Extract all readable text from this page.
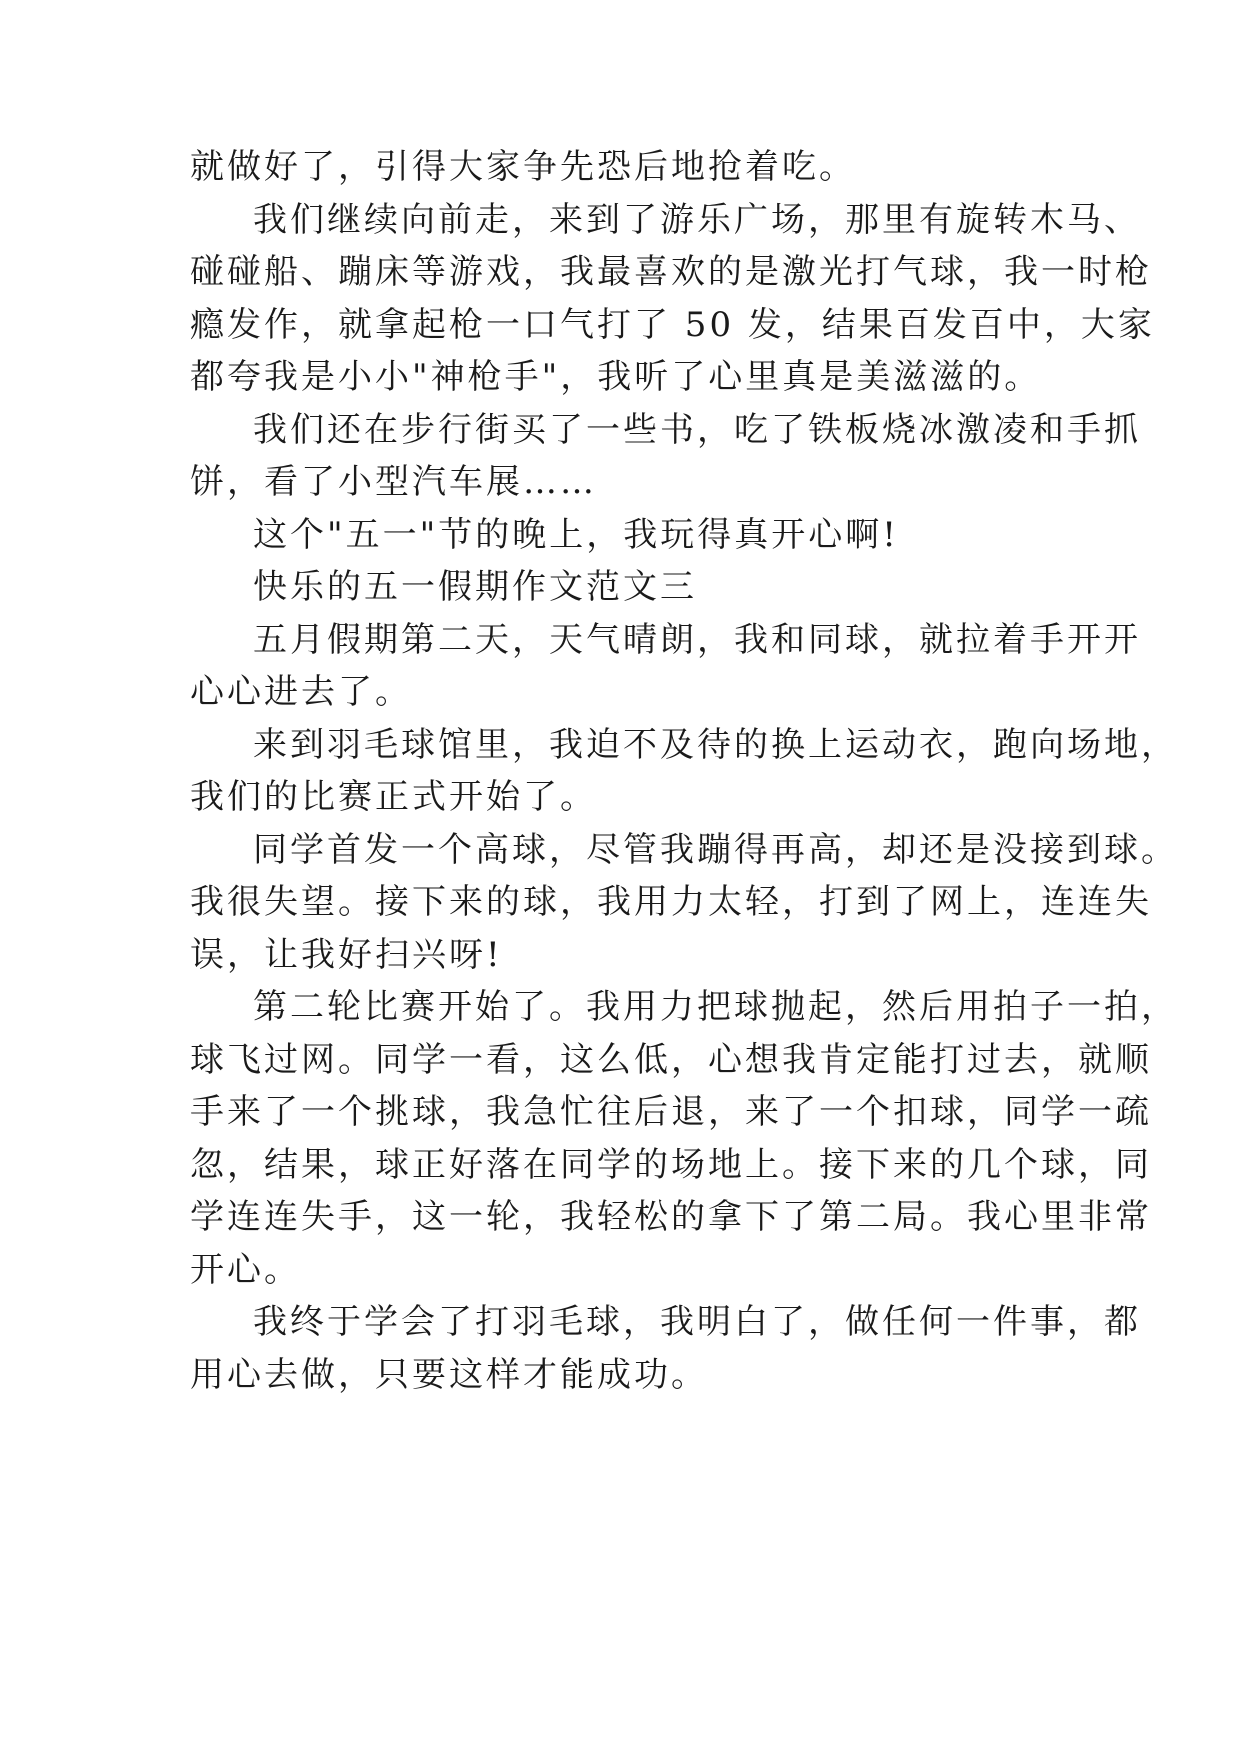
就做好了，引得大家争先恐后地抢着吃。
我们继续向前走，来到了游乐广场，那里有旋转木马、
碰碰船、蹦床等游戏，我最喜欢的是激光打气球，我一时枪
瘾发作，就拿起枪一口气打了 50 发，结果百发百中，大家
都夸我是小小"神枪手"，我听了心里真是美滋滋的。
我们还在步行街买了一些书，吃了铁板烧冰激凌和手抓
饼，看了小型汽车展……
这个"五一"节的晚上，我玩得真开心啊!
快乐的五一假期作文范文三
五月假期第二天，天气晴朗，我和同球，就拉着手开开
心心进去了。
来到羽毛球馆里，我迫不及待的换上运动衣，跑向场地，
我们的比赛正式开始了。
同学首发一个高球，尽管我蹦得再高，却还是没接到球。
我很失望。接下来的球，我用力太轻，打到了网上，连连失
误，让我好扫兴呀!
第二轮比赛开始了。我用力把球抛起，然后用拍子一拍，
球飞过网。同学一看，这么低，心想我肯定能打过去，就顺
手来了一个挑球，我急忙往后退，来了一个扣球，同学一疏
忽，结果，球正好落在同学的场地上。接下来的几个球，同
学连连失手，这一轮，我轻松的拿下了第二局。我心里非常
开心。
我终于学会了打羽毛球，我明白了，做任何一件事，都
用心去做，只要这样才能成功。
